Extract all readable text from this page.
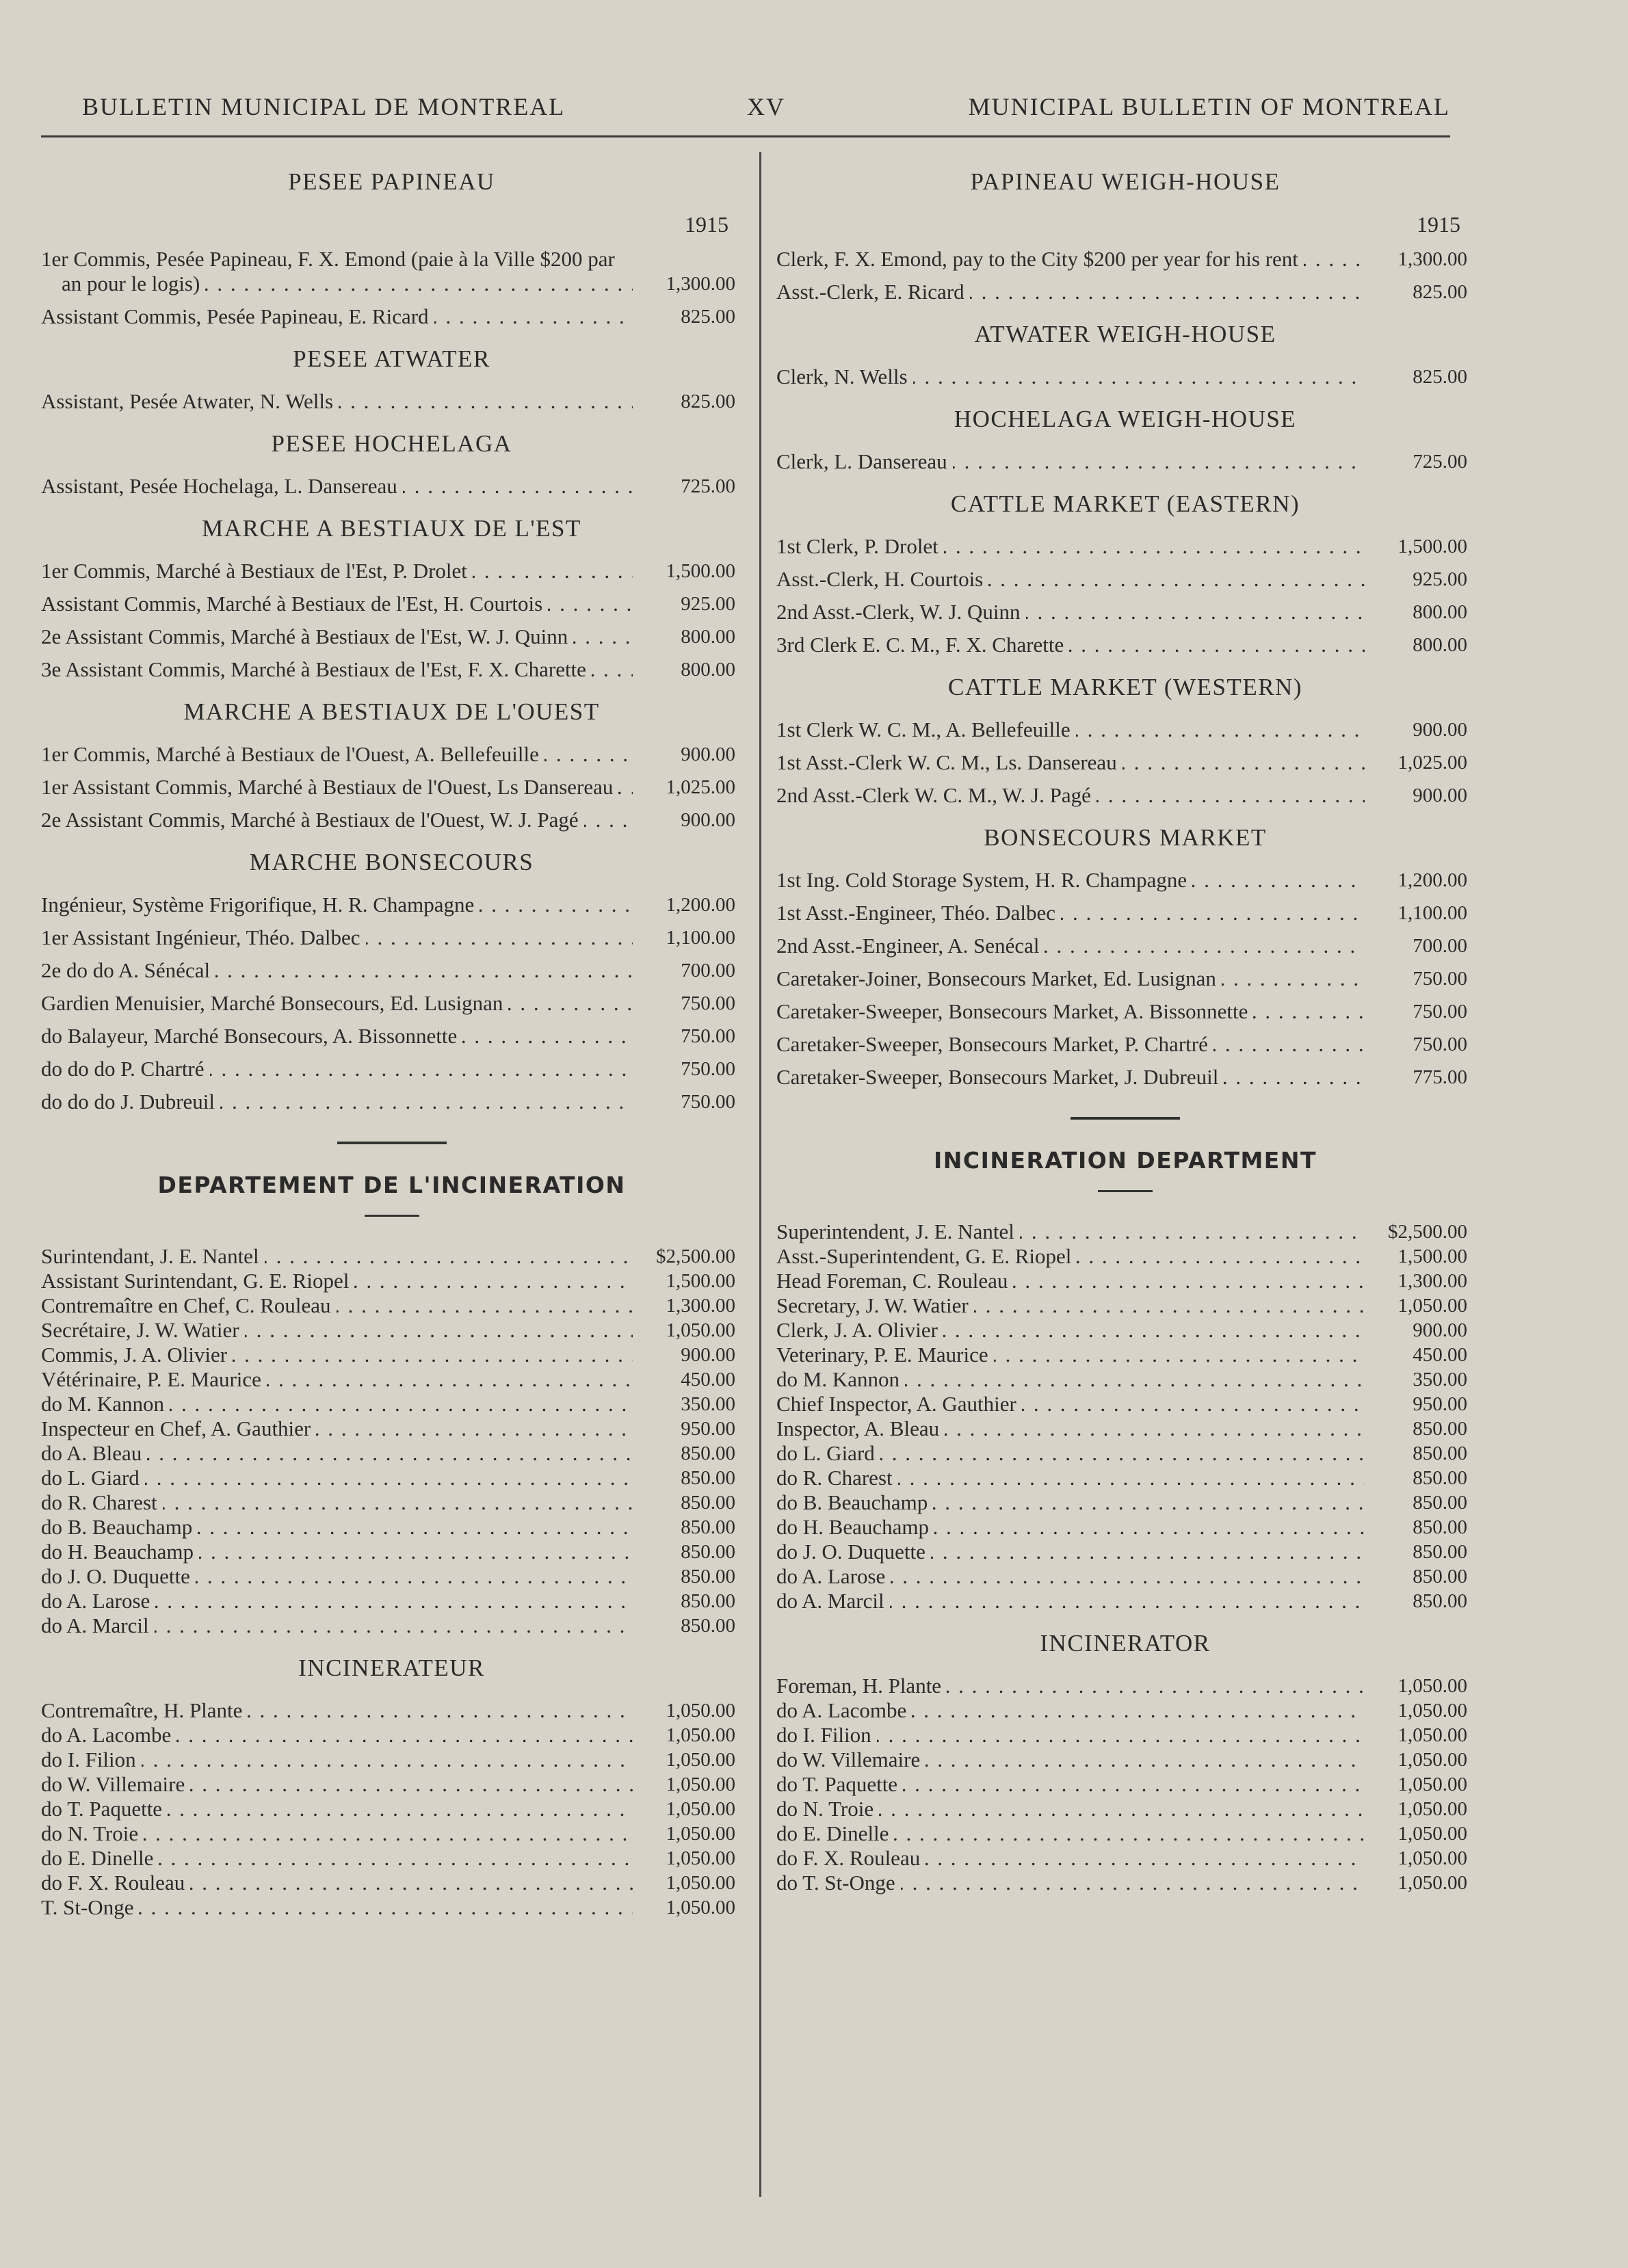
BULLETIN MUNICIPAL DE MONTREAL	XV	MUNICIPAL BULLETIN OF MONTREAL
PESEE PAPINEAU
1915
1er Commis, Pesée Papineau, F. X. Emond (paie à la Ville $200 par an pour le logis) . . .	1,300.00
Assistant Commis, Pesée Papineau, E. Ricard . . .	825.00
PESEE ATWATER
Assistant, Pesée Atwater, N. Wells . . .	825.00
PESEE HOCHELAGA
Assistant, Pesée Hochelaga, L. Dansereau . . .	725.00
MARCHE A BESTIAUX DE L'EST
1er Commis, Marché à Bestiaux de l'Est, P. Drolet . . .	1,500.00
Assistant Commis, Marché à Bestiaux de l'Est, H. Courtois . . .	925.00
2e Assistant Commis, Marché à Bestiaux de l'Est, W. J. Quinn . . .	800.00
3e Assistant Commis, Marché à Bestiaux de l'Est, F. X. Charette . . .	800.00
MARCHE A BESTIAUX DE L'OUEST
1er Commis, Marché à Bestiaux de l'Ouest, A. Bellefeuille . . .	900.00
1er Assistant Commis, Marché à Bestiaux de l'Ouest, Ls Dansereau . . .	1,025.00
2e Assistant Commis, Marché à Bestiaux de l'Ouest, W. J. Pagé . . .	900.00
MARCHE BONSECOURS
Ingénieur, Système Frigorifique, H. R. Champagne . . .	1,200.00
1er Assistant Ingénieur, Théo. Dalbec . . .	1,100.00
2e do do A. Sénécal . . .	700.00
Gardien Menuisier, Marché Bonsecours, Ed. Lusignan . . .	750.00
do Balayeur, Marché Bonsecours, A. Bissonnette . . .	750.00
do do do P. Chartré . . .	750.00
do do do J. Dubreuil . . .	750.00
DEPARTEMENT DE L'INCINERATION
Surintendant, J. E. Nantel . . .	$2,500.00
Assistant Surintendant, G. E. Riopel . . .	1,500.00
Contremaître en Chef, C. Rouleau . . .	1,300.00
Secrétaire, J. W. Watier . . .	1,050.00
Commis, J. A. Olivier . . .	900.00
Vétérinaire, P. E. Maurice . . .	450.00
do M. Kannon . . .	350.00
Inspecteur en Chef, A. Gauthier . . .	950.00
do A. Bleau . . .	850.00
do L. Giard . . .	850.00
do R. Charest . . .	850.00
do B. Beauchamp . . .	850.00
do H. Beauchamp . . .	850.00
do J. O. Duquette . . .	850.00
do A. Larose . . .	850.00
do A. Marcil . . .	850.00
INCINERATEUR
Contremaître, H. Plante . . .	1,050.00
do A. Lacombe . . .	1,050.00
do I. Filion . . .	1,050.00
do W. Villemaire . . .	1,050.00
do T. Paquette . . .	1,050.00
do N. Troie . . .	1,050.00
do E. Dinelle . . .	1,050.00
do F. X. Rouleau . . .	1,050.00
T. St-Onge . . .	1,050.00
PAPINEAU WEIGH-HOUSE
1915
Clerk, F. X. Emond, pay to the City $200 per year for his rent . . .	1,300.00
Asst.-Clerk, E. Ricard . . .	825.00
ATWATER WEIGH-HOUSE
Clerk, N. Wells . . .	825.00
HOCHELAGA WEIGH-HOUSE
Clerk, L. Dansereau . . .	725.00
CATTLE MARKET (EASTERN)
1st Clerk, P. Drolet . . .	1,500.00
Asst.-Clerk, H. Courtois . . .	925.00
2nd Asst.-Clerk, W. J. Quinn . . .	800.00
3rd Clerk E. C. M., F. X. Charette . . .	800.00
CATTLE MARKET (WESTERN)
1st Clerk W. C. M., A. Bellefeuille . . .	900.00
1st Asst.-Clerk W. C. M., Ls. Dansereau . . .	1,025.00
2nd Asst.-Clerk W. C. M., W. J. Pagé . . .	900.00
BONSECOURS MARKET
1st Ing. Cold Storage System, H. R. Champagne . . .	1,200.00
1st Asst.-Engineer, Théo. Dalbec . . .	1,100.00
2nd Asst.-Engineer, A. Senécal . . .	700.00
Caretaker-Joiner, Bonsecours Market, Ed. Lusignan . . .	750.00
Caretaker-Sweeper, Bonsecours Market, A. Bissonnette . . .	750.00
Caretaker-Sweeper, Bonsecours Market, P. Chartré . . .	750.00
Caretaker-Sweeper, Bonsecours Market, J. Dubreuil . . .	775.00
INCINERATION DEPARTMENT
Superintendent, J. E. Nantel . . .	$2,500.00
Asst.-Superintendent, G. E. Riopel . . .	1,500.00
Head Foreman, C. Rouleau . . .	1,300.00
Secretary, J. W. Watier . . .	1,050.00
Clerk, J. A. Olivier . . .	900.00
Veterinary, P. E. Maurice . . .	450.00
do M. Kannon . . .	350.00
Chief Inspector, A. Gauthier . . .	950.00
Inspector, A. Bleau . . .	850.00
do L. Giard . . .	850.00
do R. Charest . . .	850.00
do B. Beauchamp . . .	850.00
do H. Beauchamp . . .	850.00
do J. O. Duquette . . .	850.00
do A. Larose . . .	850.00
do A. Marcil . . .	850.00
INCINERATOR
Foreman, H. Plante . . .	1,050.00
do A. Lacombe . . .	1,050.00
do I. Filion . . .	1,050.00
do W. Villemaire . . .	1,050.00
do T. Paquette . . .	1,050.00
do N. Troie . . .	1,050.00
do E. Dinelle . . .	1,050.00
do F. X. Rouleau . . .	1,050.00
do T. St-Onge . . .	1,050.00
